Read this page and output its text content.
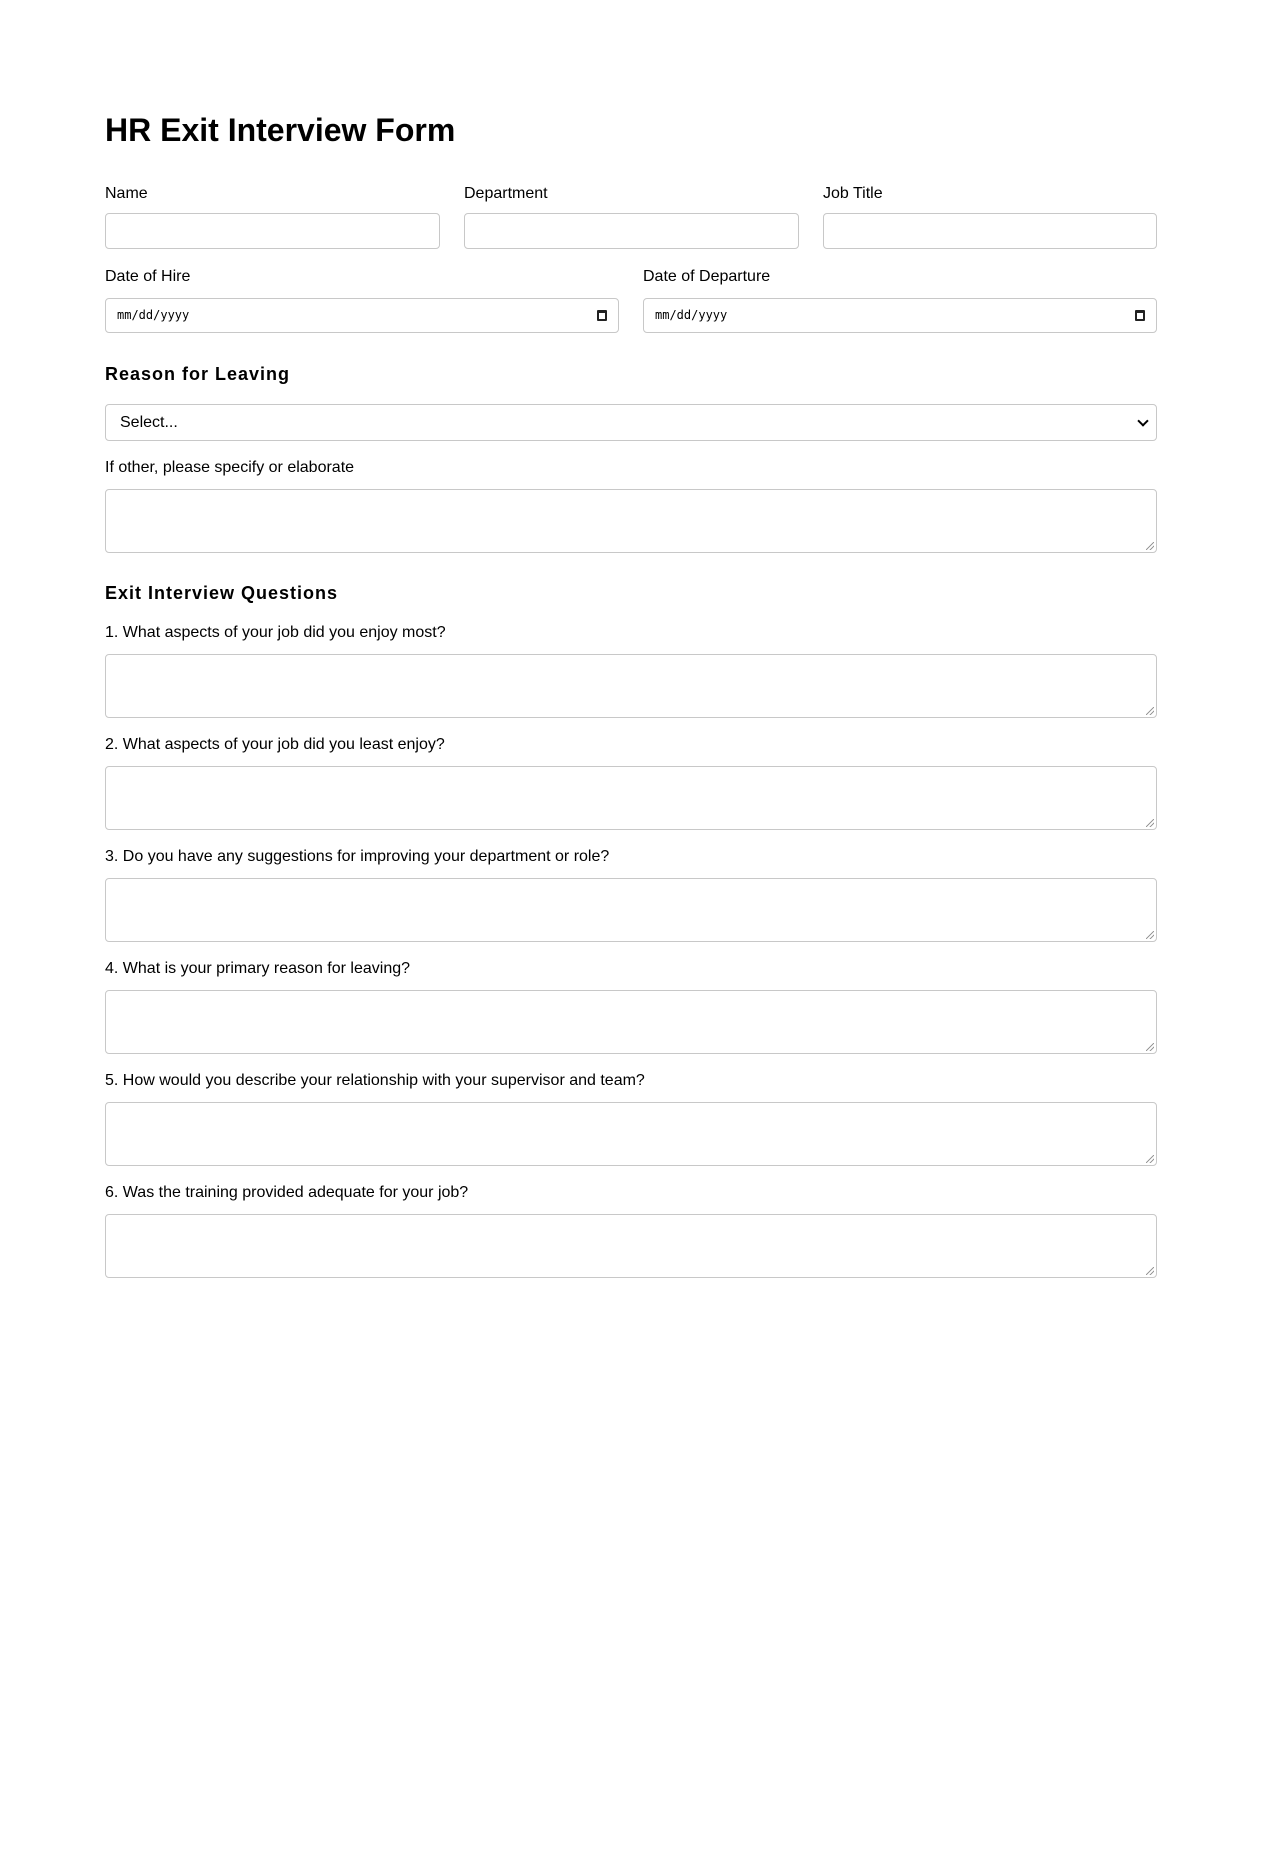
HR Exit Interview Form
Name	Department	Job Title
Date of Hire
mm/dd/yyyy
Date of Departure
mm/dd/yyyy
Reason for Leaving
Select...
If other, please specify or elaborate
Exit Interview Questions
1. What aspects of your job did you enjoy most?
2. What aspects of your job did you least enjoy?
3. Do you have any suggestions for improving your department or role?
4. What is your primary reason for leaving?
5. How would you describe your relationship with your supervisor and team?
6. Was the training provided adequate for your job?
